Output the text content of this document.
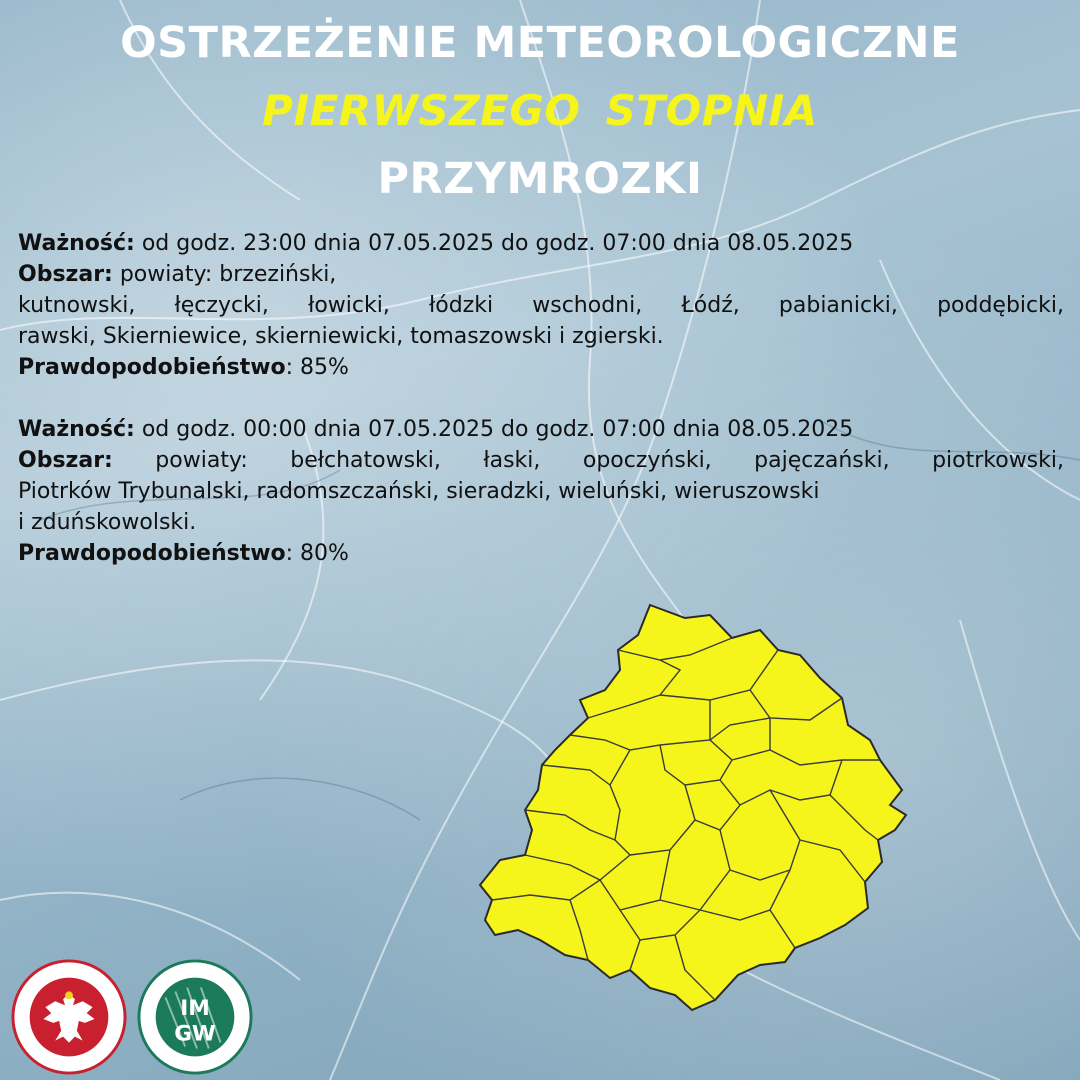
OSTRZEŻENIE METEOROLOGICZNE
PIERWSZEGO STOPNIA
PRZYMROZKI
Ważność: od godz. 23:00 dnia 07.05.2025 do godz. 07:00 dnia 08.05.2025
Obszar: powiaty: brzeziński,
kutnowski, łęczycki, łowicki, łódzki wschodni, Łódź, pabianicki, poddębicki,
rawski, Skierniewice, skierniewicki, tomaszowski i zgierski.
Prawdopodobieństwo: 85%
Ważność: od godz. 00:00 dnia 07.05.2025 do godz. 07:00 dnia 08.05.2025
Obszar: powiaty: bełchatowski, łaski, opoczyński, pajęczański, piotrkowski,
Piotrków Trybunalski, radomszczański, sieradzki, wieluński, wieruszowski
i zduńskowolski.
Prawdopodobieństwo: 80%
IM
GW
